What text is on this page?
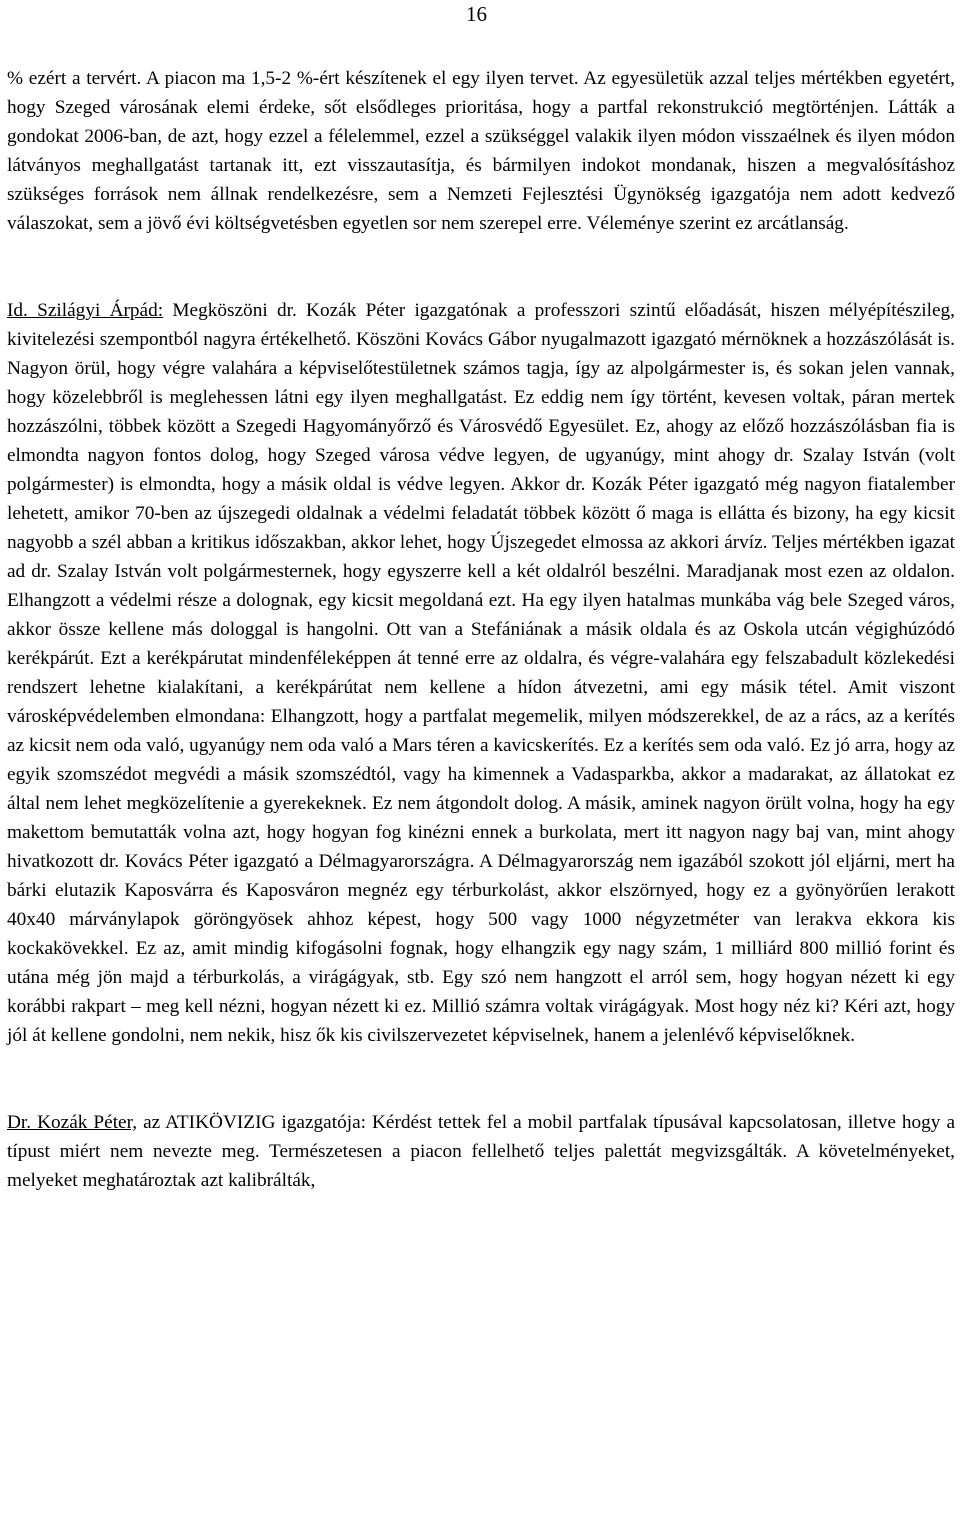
16

% ezért a tervért. A piacon ma 1,5-2 %-ért készítenek el egy ilyen tervet. Az egyesületük azzal teljes mértékben egyetért, hogy Szeged városának elemi érdeke, sőt elsődleges prioritása, hogy a partfal rekonstrukció megtörténjen. Látták a gondokat 2006-ban, de azt, hogy ezzel a félelemmel, ezzel a szükséggel valakik ilyen módon visszaélnek és ilyen módon látványos meghallgatást tartanak itt, ezt visszautasítja, és bármilyen indokot mondanak, hiszen a megvalósításhoz szükséges források nem állnak rendelkezésre, sem a Nemzeti Fejlesztési Ügynökség igazgatója nem adott kedvező válaszokat, sem a jövő évi költségvetésben egyetlen sor nem szerepel erre. Véleménye szerint ez arcátlanság.

Id. Szilágyi Árpád: Megköszöni dr. Kozák Péter igazgatónak a professzori szintű előadását, hiszen mélyépítészileg, kivitelezési szempontból nagyra értékelhető. Köszöni Kovács Gábor nyugalmazott igazgató mérnöknek a hozzászólását is. Nagyon örül, hogy végre valahára a képviselőtestületnek számos tagja, így az alpolgármester is, és sokan jelen vannak, hogy közelebbről is meglehessen látni egy ilyen meghallgatást. Ez eddig nem így történt, kevesen voltak, páran mertek hozzászólni, többek között a Szegedi Hagyományőrző és Városvédő Egyesület. Ez, ahogy az előző hozzászólásban fia is elmondta nagyon fontos dolog, hogy Szeged városa védve legyen, de ugyanúgy, mint ahogy dr. Szalay István (volt polgármester) is elmondta, hogy a másik oldal is védve legyen. Akkor dr. Kozák Péter igazgató még nagyon fiatalember lehetett, amikor 70-ben az újszegedi oldalnak a védelmi feladatát többek között ő maga is ellátta és bizony, ha egy kicsit nagyobb a szél abban a kritikus időszakban, akkor lehet, hogy Újszegedet elmossa az akkori árvíz. Teljes mértékben igazat ad dr. Szalay István volt polgármesternek, hogy egyszerre kell a két oldalról beszélni. Maradjanak most ezen az oldalon. Elhangzott a védelmi része a dolognak, egy kicsit megoldaná ezt. Ha egy ilyen hatalmas munkába vág bele Szeged város, akkor össze kellene más dologgal is hangolni. Ott van a Stefániának a másik oldala és az Oskola utcán végighúzódó kerékpárút. Ezt a kerékpárutat mindenféleképpen át tenné erre az oldalra, és végre-valahára egy felszabadult közlekedési rendszert lehetne kialakítani, a kerékpárútat nem kellene a hídon átvezetni, ami egy másik tétel. Amit viszont városképvédelemben elmondana: Elhangzott, hogy a partfalat megemelik, milyen módszerekkel, de az a rács, az a kerítés az kicsit nem oda való, ugyanúgy nem oda való a Mars téren a kavicskerítés. Ez a kerítés sem oda való. Ez jó arra, hogy az egyik szomszédot megvédi a másik szomszédtól, vagy ha kimennek a Vadasparkba, akkor a madarakat, az állatokat ez által nem lehet megközelítenie a gyerekeknek. Ez nem átgondolt dolog. A másik, aminek nagyon örült volna, hogy ha egy makettom bemutatták volna azt, hogy hogyan fog kinézni ennek a burkolata, mert itt nagyon nagy baj van, mint ahogy hivatkozott dr. Kovács Péter igazgató a Délmagyarországra. A Délmagyarország nem igazából szokott jól eljárni, mert ha bárki elutazik Kaposvárra és Kaposváron megnéz egy térburkolást, akkor elszörnyed, hogy ez a gyönyörűen lerakott 40x40 márványlapok göröngyösek ahhoz képest, hogy 500 vagy 1000 négyzetméter van lerakva ekkora kis kockakövekkel. Ez az, amit mindig kifogásolni fognak, hogy elhangzik egy nagy szám, 1 milliárd 800 millió forint és utána még jön majd a térburkolás, a virágágyak, stb. Egy szó nem hangzott el arról sem, hogy hogyan nézett ki egy korábbi rakpart – meg kell nézni, hogyan nézett ki ez. Millió számra voltak virágágyak. Most hogy néz ki? Kéri azt, hogy jól át kellene gondolni, nem nekik, hisz ők kis civilszervezetet képviselnek, hanem a jelenlévő képviselőknek.

Dr. Kozák Péter, az ATIKÖVIZIG igazgatója: Kérdést tettek fel a mobil partfalak típusával kapcsolatosan, illetve hogy a típust miért nem nevezte meg. Természetesen a piacon fellelhető teljes palettát megvizsgálták. A követelményeket, melyeket meghatároztak azt kalibrálták,
